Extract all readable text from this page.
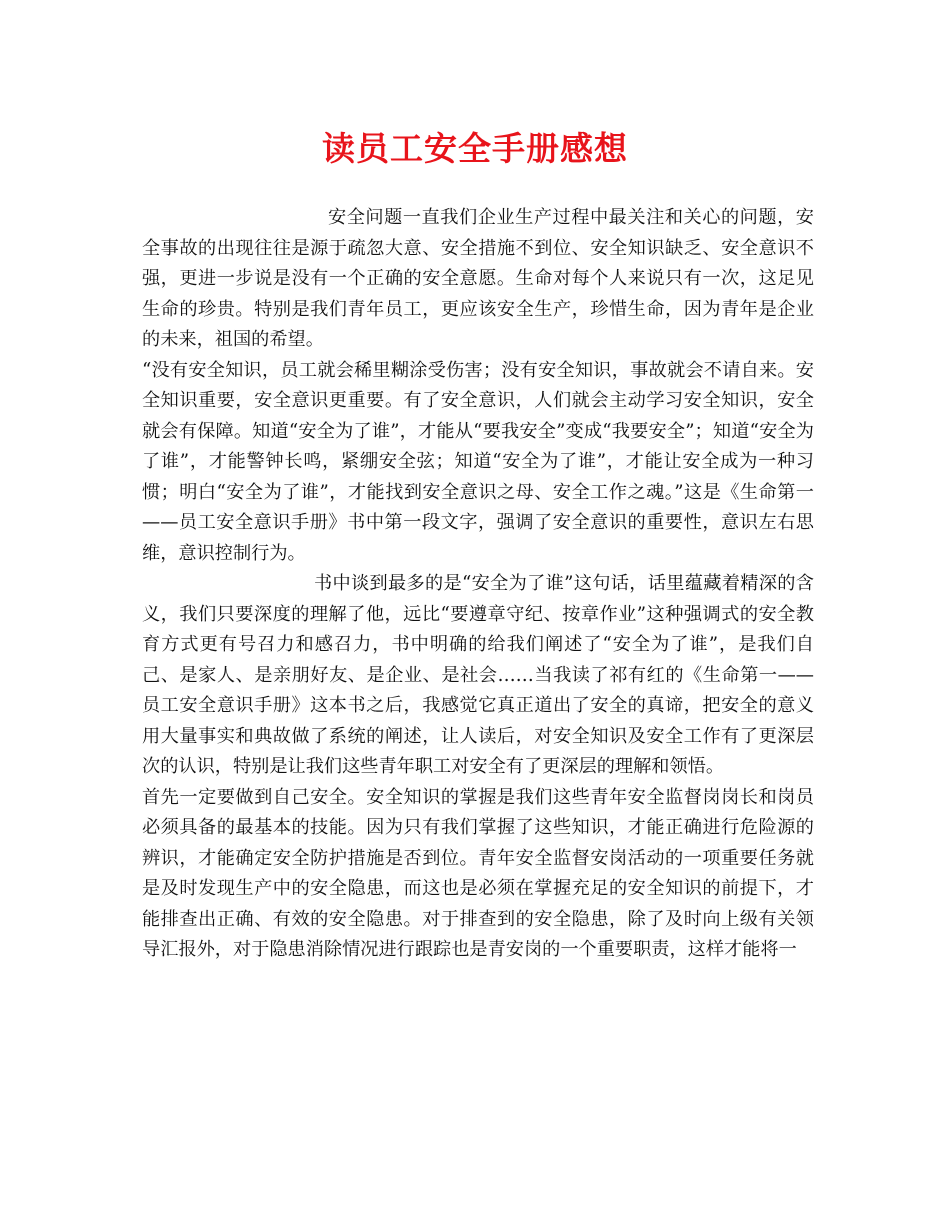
读员工安全手册感想

安全问题一直我们企业生产过程中最关注和关心的问题，安全事故的出现往往是源于疏忽大意、安全措施不到位、安全知识缺乏、安全意识不强，更进一步说是没有一个正确的安全意愿。生命对每个人来说只有一次，这足见生命的珍贵。特别是我们青年员工，更应该安全生产，珍惜生命，因为青年是企业的未来，祖国的希望。

“没有安全知识，员工就会稀里糊涂受伤害；没有安全知识，事故就会不请自来。安全知识重要，安全意识更重要。有了安全意识，人们就会主动学习安全知识，安全就会有保障。知道“安全为了谁”，才能从“要我安全”变成“我要安全”；知道“安全为了谁”，才能警钟长鸣，紧绷安全弦；知道“安全为了谁”，才能让安全成为一种习惯；明白“安全为了谁”，才能找到安全意识之母、安全工作之魂。”这是《生命第一——员工安全意识手册》书中第一段文字，强调了安全意识的重要性，意识左右思维，意识控制行为。

书中谈到最多的是“安全为了谁”这句话，话里蕴藏着精深的含义，我们只要深度的理解了他，远比“要遵章守纪、按章作业”这种强调式的安全教育方式更有号召力和感召力，书中明确的给我们阐述了“安全为了谁”，是我们自己、是家人、是亲朋好友、是企业、是社会……当我读了祁有红的《生命第一——员工安全意识手册》这本书之后，我感觉它真正道出了安全的真谛，把安全的意义用大量事实和典故做了系统的阐述，让人读后，对安全知识及安全工作有了更深层次的认识，特别是让我们这些青年职工对安全有了更深层的理解和领悟。

首先一定要做到自己安全。安全知识的掌握是我们这些青年安全监督岗岗长和岗员必须具备的最基本的技能。因为只有我们掌握了这些知识，才能正确进行危险源的辨识，才能确定安全防护措施是否到位。青年安全监督安岗活动的一项重要任务就是及时发现生产中的安全隐患，而这也是必须在掌握充足的安全知识的前提下，才能排查出正确、有效的安全隐患。对于排查到的安全隐患，除了及时向上级有关领导汇报外，对于隐患消除情况进行跟踪也是青安岗的一个重要职责，这样才能将一
